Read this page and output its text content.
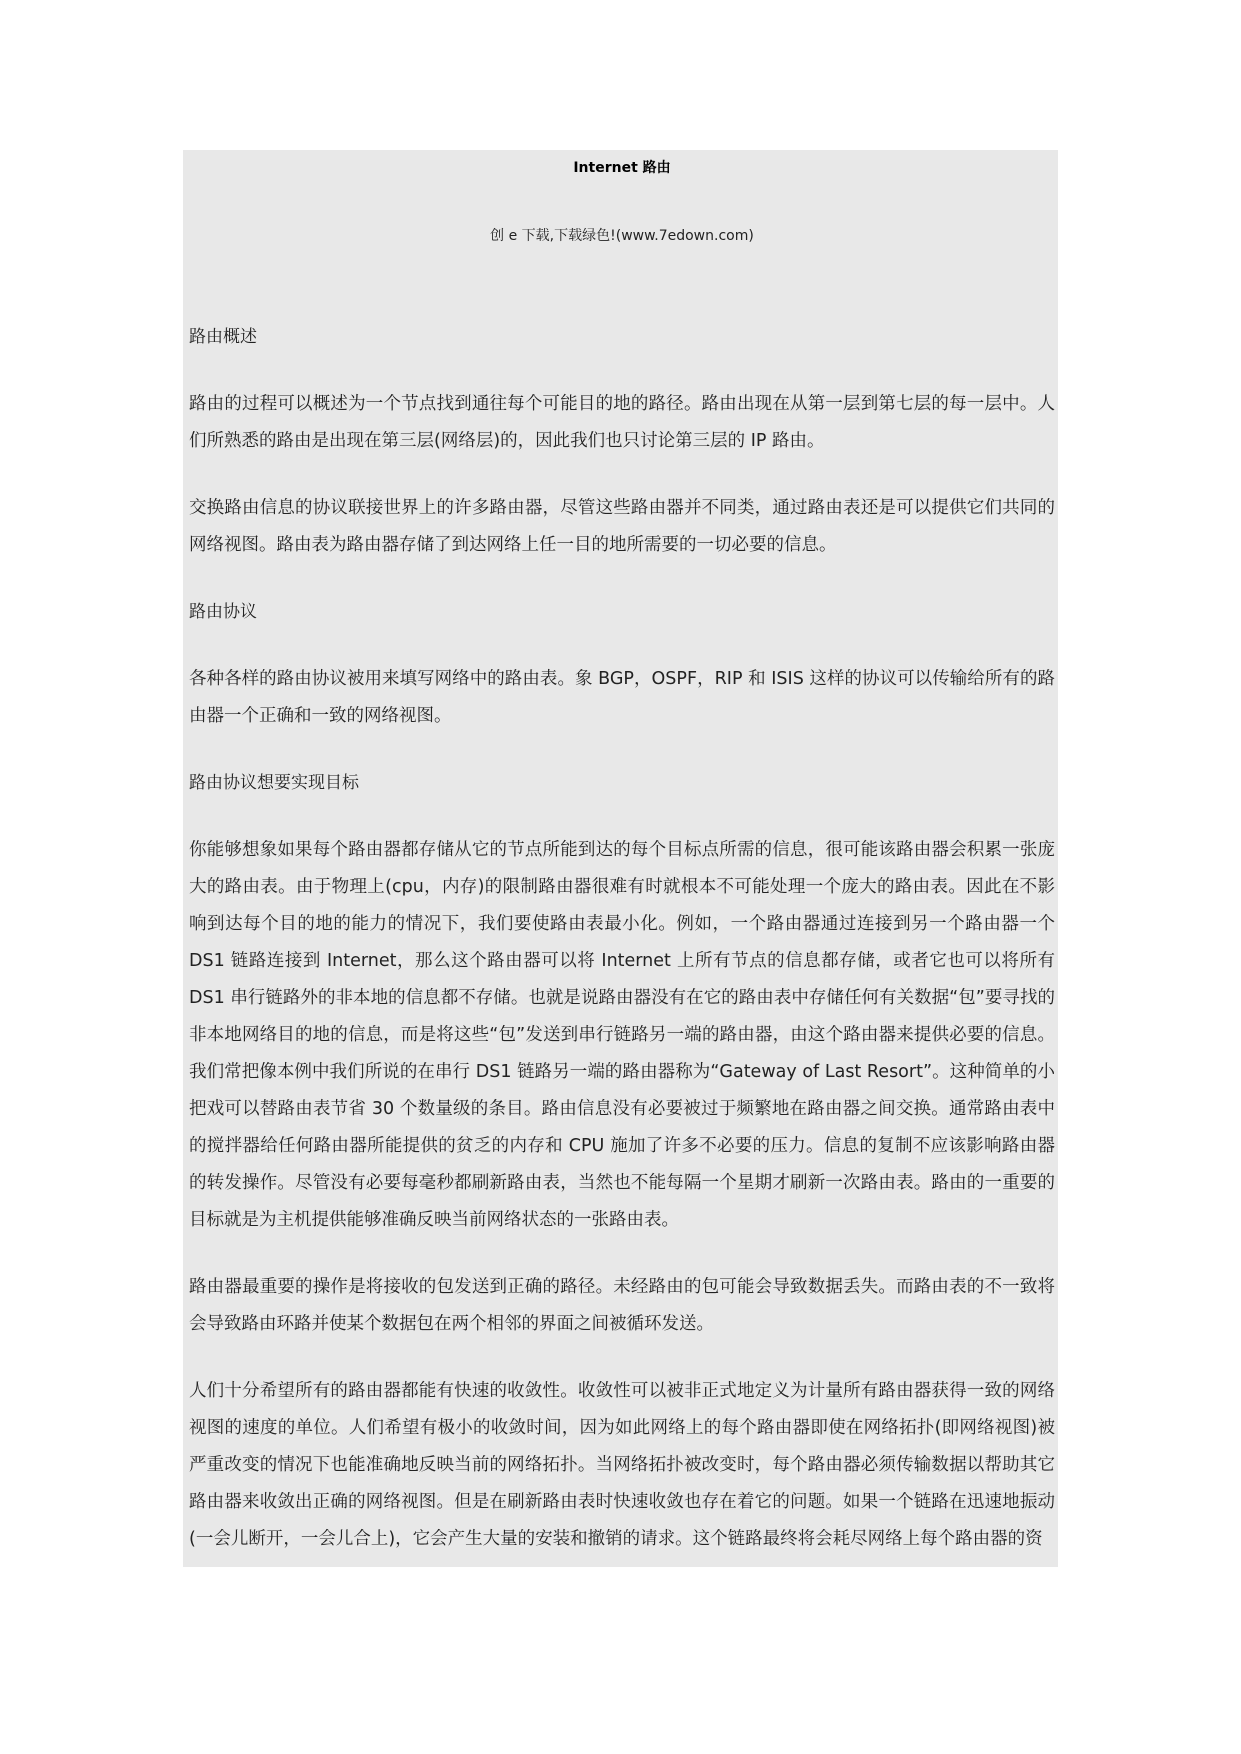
Internet 路由

创 e 下载,下载绿色!(www.7edown.com)

路由概述

路由的过程可以概述为一个节点找到通往每个可能目的地的路径。路由出现在从第一层到第七层的每一层中。人们所熟悉的路由是出现在第三层(网络层)的，因此我们也只讨论第三层的 IP 路由。

交换路由信息的协议联接世界上的许多路由器，尽管这些路由器并不同类，通过路由表还是可以提供它们共同的网络视图。路由表为路由器存储了到达网络上任一目的地所需要的一切必要的信息。

路由协议

各种各样的路由协议被用来填写网络中的路由表。象 BGP，OSPF，RIP 和 ISIS 这样的协议可以传输给所有的路由器一个正确和一致的网络视图。

路由协议想要实现目标

你能够想象如果每个路由器都存储从它的节点所能到达的每个目标点所需的信息，很可能该路由器会积累一张庞大的路由表。由于物理上(cpu，内存)的限制路由器很难有时就根本不可能处理一个庞大的路由表。因此在不影响到达每个目的地的能力的情况下，我们要使路由表最小化。例如，一个路由器通过连接到另一个路由器一个 DS1 链路连接到 Internet，那么这个路由器可以将 Internet 上所有节点的信息都存储，或者它也可以将所有 DS1 串行链路外的非本地的信息都不存储。也就是说路由器没有在它的路由表中存储任何有关数据“包”要寻找的非本地网络目的地的信息，而是将这些“包”发送到串行链路另一端的路由器，由这个路由器来提供必要的信息。我们常把像本例中我们所说的在串行 DS1 链路另一端的路由器称为“Gateway of Last Resort”。这种简单的小把戏可以替路由表节省 30 个数量级的条目。路由信息没有必要被过于频繁地在路由器之间交换。通常路由表中的搅拌器给任何路由器所能提供的贫乏的内存和 CPU 施加了许多不必要的压力。信息的复制不应该影响路由器的转发操作。尽管没有必要每毫秒都刷新路由表，当然也不能每隔一个星期才刷新一次路由表。路由的一重要的目标就是为主机提供能够准确反映当前网络状态的一张路由表。

路由器最重要的操作是将接收的包发送到正确的路径。未经路由的包可能会导致数据丢失。而路由表的不一致将会导致路由环路并使某个数据包在两个相邻的界面之间被循环发送。

人们十分希望所有的路由器都能有快速的收敛性。收敛性可以被非正式地定义为计量所有路由器获得一致的网络视图的速度的单位。人们希望有极小的收敛时间，因为如此网络上的每个路由器即使在网络拓扑(即网络视图)被严重改变的情况下也能准确地反映当前的网络拓扑。当网络拓扑被改变时，每个路由器必须传输数据以帮助其它路由器来收敛出正确的网络视图。但是在刷新路由表时快速收敛也存在着它的问题。如果一个链路在迅速地振动(一会儿断开，一会儿合上)，它会产生大量的安装和撤销的请求。这个链路最终将会耗尽网络上每个路由器的资
